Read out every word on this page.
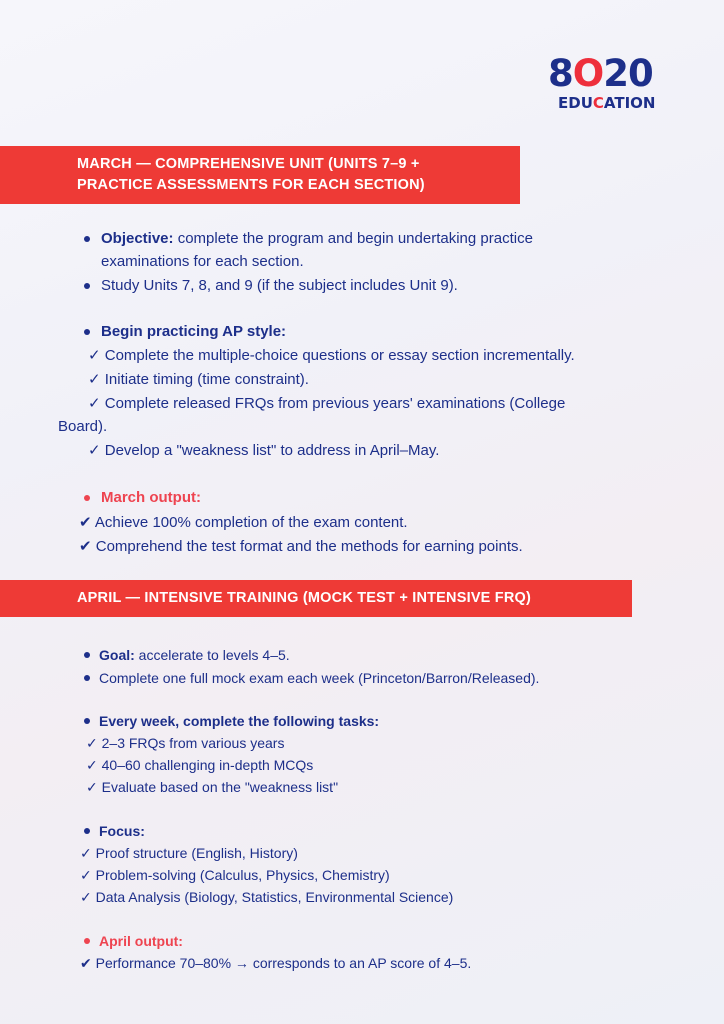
8O20
EDUCATION
MARCH — COMPREHENSIVE UNIT (UNITS 7–9 +
PRACTICE ASSESSMENTS FOR EACH SECTION)
Objective: complete the program and begin undertaking practice
examinations for each section.
Study Units 7, 8, and 9 (if the subject includes Unit 9).
Begin practicing AP style:
✓ Complete the multiple-choice questions or essay section incrementally.
✓ Initiate timing (time constraint).
✓ Complete released FRQs from previous years' examinations (College
Board).
✓ Develop a "weakness list" to address in April–May.
March output:
✔ Achieve 100% completion of the exam content.
✔ Comprehend the test format and the methods for earning points.
APRIL — INTENSIVE TRAINING (MOCK TEST + INTENSIVE FRQ)
Goal: accelerate to levels 4–5.
Complete one full mock exam each week (Princeton/Barron/Released).
Every week, complete the following tasks:
✓ 2–3 FRQs from various years
✓ 40–60 challenging in-depth MCQs
✓ Evaluate based on the "weakness list"
Focus:
✓ Proof structure (English, History)
✓ Problem-solving (Calculus, Physics, Chemistry)
✓ Data Analysis (Biology, Statistics, Environmental Science)
April output:
✔ Performance 70–80% → corresponds to an AP score of 4–5.
